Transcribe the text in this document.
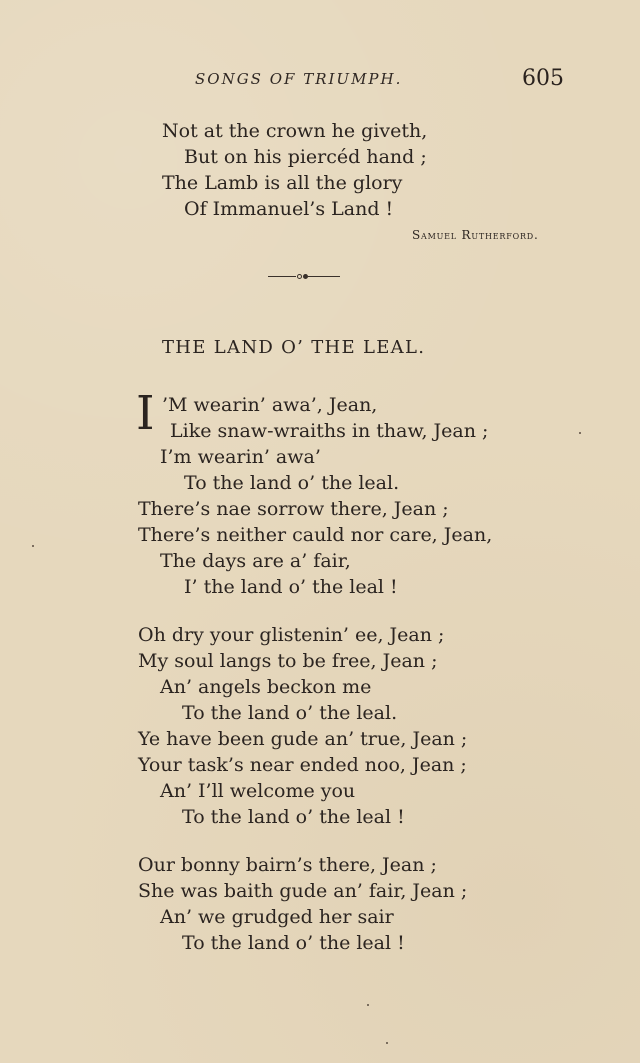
SONGS OF TRIUMPH.	605
Not at the crown he giveth,
But on his piercéd hand ;
The Lamb is all the glory
Of Immanuel’s Land !
Samuel Rutherford.
THE LAND O’ THE LEAL.
I ’M wearin’ awa’, Jean,
Like snaw-wraiths in thaw, Jean ;
I’m wearin’ awa’
To the land o’ the leal.
There’s nae sorrow there, Jean ;
There’s neither cauld nor care, Jean,
The days are a’ fair,
I’ the land o’ the leal !
Oh dry your glistenin’ ee, Jean ;
My soul langs to be free, Jean ;
An’ angels beckon me
To the land o’ the leal.
Ye have been gude an’ true, Jean ;
Your task’s near ended noo, Jean ;
An’ I’ll welcome you
To the land o’ the leal !
Our bonny bairn’s there, Jean ;
She was baith gude an’ fair, Jean ;
An’ we grudged her sair
To the land o’ the leal !
